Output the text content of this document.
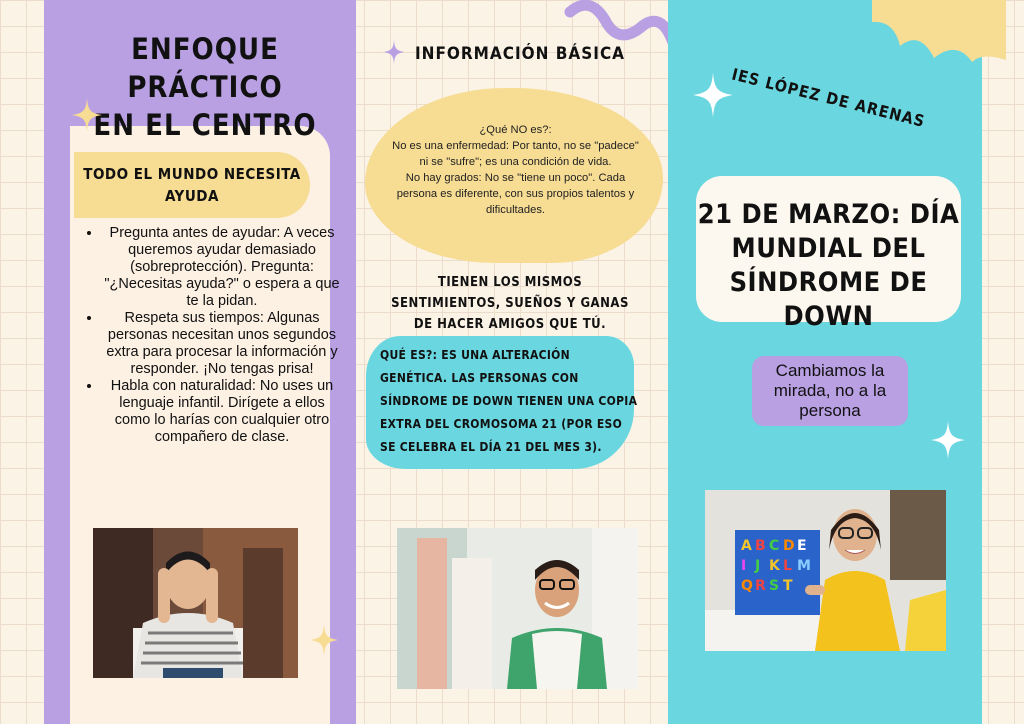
ENFOQUE PRÁCTICO
EN EL CENTRO
TODO EL MUNDO NECESITA AYUDA
• Pregunta antes de ayudar: A veces queremos ayudar demasiado (sobreprotección). Pregunta: "¿Necesitas ayuda?" o espera a que te la pidan.
• Respeta sus tiempos: Algunas personas necesitan unos segundos extra para procesar la información y responder. ¡No tengas prisa!
• Habla con naturalidad: No uses un lenguaje infantil. Dirígete a ellos como lo harías con cualquier otro compañero de clase.
INFORMACIÓN BÁSICA
¿Qué NO es?:
No es una enfermedad: Por tanto, no se "padece" ni se "sufre"; es una condición de vida.
No hay grados: No se "tiene un poco". Cada persona es diferente, con sus propios talentos y dificultades.
TIENEN LOS MISMOS SENTIMIENTOS, SUEÑOS Y GANAS DE HACER AMIGOS QUE TÚ.
QUÉ ES?: ES UNA ALTERACIÓN GENÉTICA. LAS PERSONAS CON SÍNDROME DE DOWN TIENEN UNA COPIA EXTRA DEL CROMOSOMA 21 (POR ESO SE CELEBRA EL DÍA 21 DEL MES 3).
IES LÓPEZ DE ARENAS
21 DE MARZO: DÍA MUNDIAL DEL SÍNDROME DE DOWN
Cambiamos la mirada, no a la persona
A B C D E
I J K L M
Q R S T
